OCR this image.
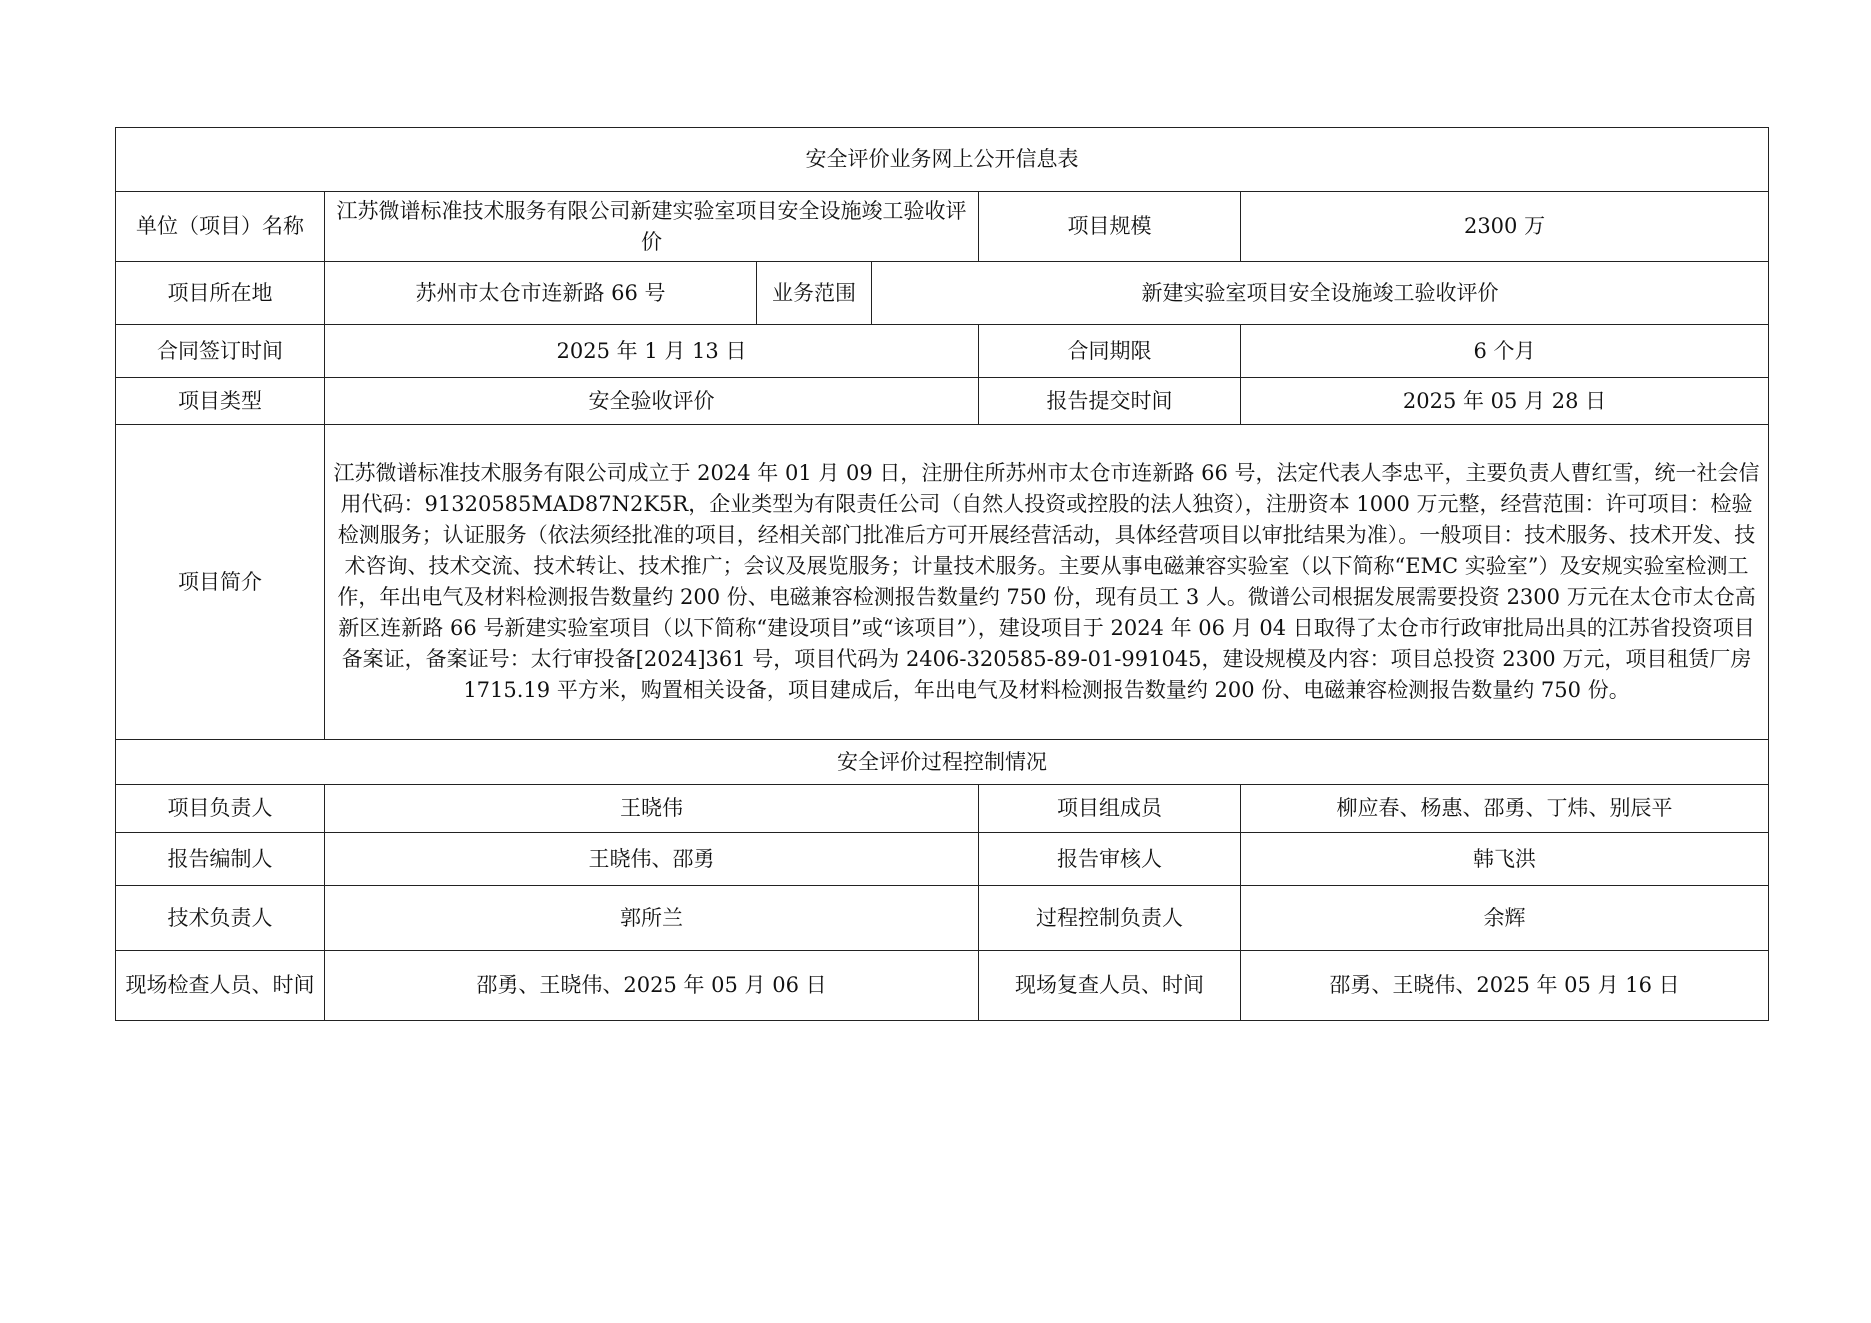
安全评价业务网上公开信息表					
单位（项目）名称	江苏微谱标准技术服务有限公司新建实验室项目安全设施竣工验收评价			项目规模	2300 万
项目所在地	苏州市太仓市连新路 66 号	业务范围	新建实验室项目安全设施竣工验收评价		
合同签订时间	2025 年 1 月 13 日			合同期限	6 个月
项目类型	安全验收评价			报告提交时间	2025 年 05 月 28 日
项目简介	江苏微谱标准技术服务有限公司成立于 2024 年 01 月 09 日，注册住所苏州市太仓市连新路 66 号，法定代表人李忠平，主要负责人曹红雪，统一社会信用代码：91320585MAD87N2K5R，企业类型为有限责任公司（自然人投资或控股的法人独资），注册资本 1000 万元整，经营范围：许可项目：检验检测服务；认证服务（依法须经批准的项目，经相关部门批准后方可开展经营活动，具体经营项目以审批结果为准）。一般项目：技术服务、技术开发、技术咨询、技术交流、技术转让、技术推广；会议及展览服务；计量技术服务。主要从事电磁兼容实验室（以下简称“EMC 实验室”）及安规实验室检测工作，年出电气及材料检测报告数量约 200 份、电磁兼容检测报告数量约 750 份，现有员工 3 人。微谱公司根据发展需要投资 2300 万元在太仓市太仓高新区连新路 66 号新建实验室项目（以下简称“建设项目”或“该项目”），建设项目于 2024 年 06 月 04 日取得了太仓市行政审批局出具的江苏省投资项目备案证，备案证号：太行审投备[2024]361 号，项目代码为 2406-320585-89-01-991045，建设规模及内容：项目总投资 2300 万元，项目租赁厂房 1715.19 平方米，购置相关设备，项目建成后，年出电气及材料检测报告数量约 200 份、电磁兼容检测报告数量约 750 份。				
安全评价过程控制情况					
项目负责人	王晓伟			项目组成员	柳应春、杨惠、邵勇、丁炜、别辰平
报告编制人	王晓伟、邵勇			报告审核人	韩飞洪
技术负责人	郭所兰			过程控制负责人	余辉
现场检查人员、时间	邵勇、王晓伟、2025 年 05 月 06 日			现场复查人员、时间	邵勇、王晓伟、2025 年 05 月 16 日
